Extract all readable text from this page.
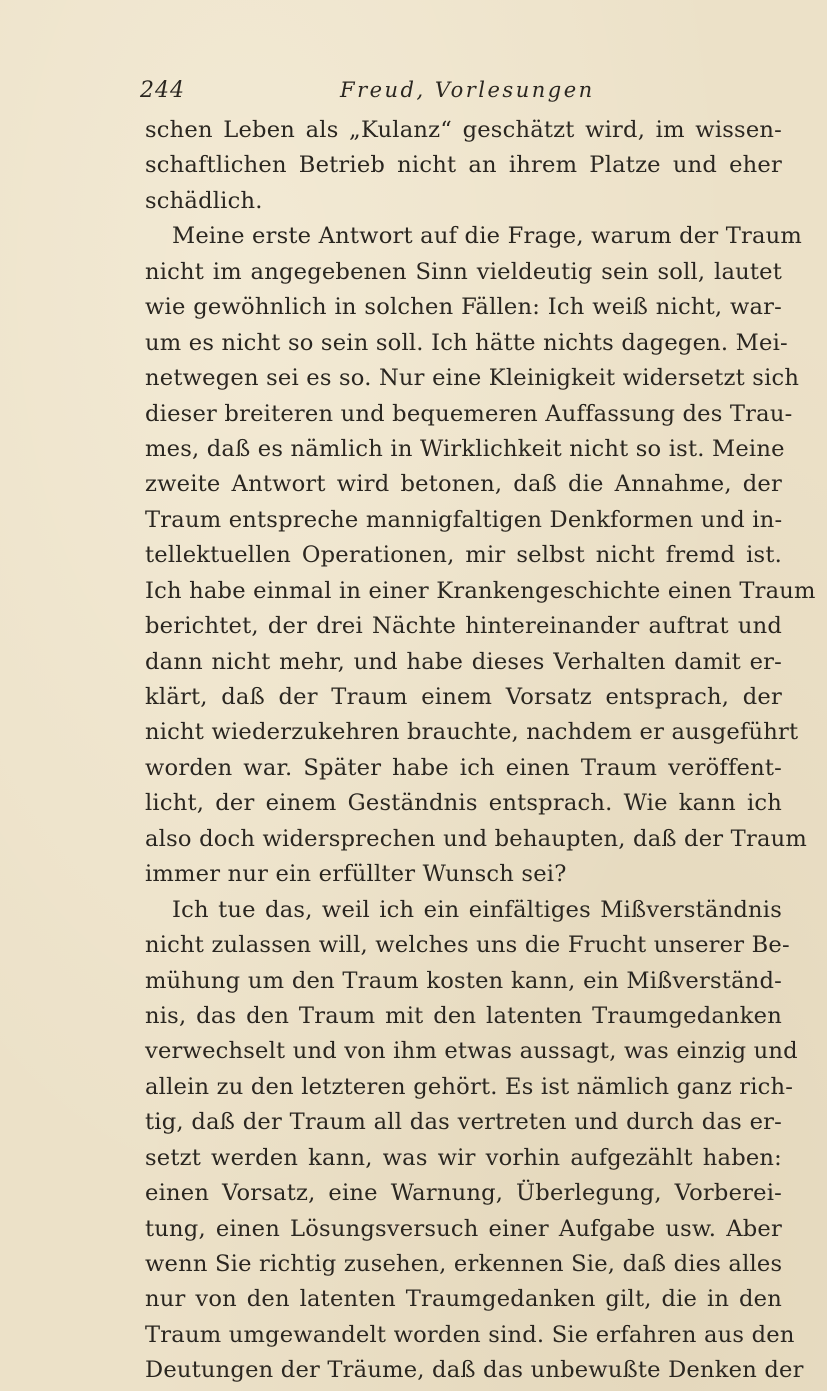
244	Freud, Vorlesungen
schen Leben als „Kulanz“ geschätzt wird, im wissen-
schaftlichen Betrieb nicht an ihrem Platze und eher
schädlich.
Meine erste Antwort auf die Frage, warum der Traum
nicht im angegebenen Sinn vieldeutig sein soll, lautet
wie gewöhnlich in solchen Fällen: Ich weiß nicht, war-
um es nicht so sein soll. Ich hätte nichts dagegen. Mei-
netwegen sei es so. Nur eine Kleinigkeit widersetzt sich
dieser breiteren und bequemeren Auffassung des Trau-
mes, daß es nämlich in Wirklichkeit nicht so ist. Meine
zweite Antwort wird betonen, daß die Annahme, der
Traum entspreche mannigfaltigen Denkformen und in-
tellektuellen Operationen, mir selbst nicht fremd ist.
Ich habe einmal in einer Krankengeschichte einen Traum
berichtet, der drei Nächte hintereinander auftrat und
dann nicht mehr, und habe dieses Verhalten damit er-
klärt, daß der Traum einem Vorsatz entsprach, der
nicht wiederzukehren brauchte, nachdem er ausgeführt
worden war. Später habe ich einen Traum veröffent-
licht, der einem Geständnis entsprach. Wie kann ich
also doch widersprechen und behaupten, daß der Traum
immer nur ein erfüllter Wunsch sei?
Ich tue das, weil ich ein einfältiges Mißverständnis
nicht zulassen will, welches uns die Frucht unserer Be-
mühung um den Traum kosten kann, ein Mißverständ-
nis, das den Traum mit den latenten Traumgedanken
verwechselt und von ihm etwas aussagt, was einzig und
allein zu den letzteren gehört. Es ist nämlich ganz rich-
tig, daß der Traum all das vertreten und durch das er-
setzt werden kann, was wir vorhin aufgezählt haben:
einen Vorsatz, eine Warnung, Überlegung, Vorberei-
tung, einen Lösungsversuch einer Aufgabe usw. Aber
wenn Sie richtig zusehen, erkennen Sie, daß dies alles
nur von den latenten Traumgedanken gilt, die in den
Traum umgewandelt worden sind. Sie erfahren aus den
Deutungen der Träume, daß das unbewußte Denken der
